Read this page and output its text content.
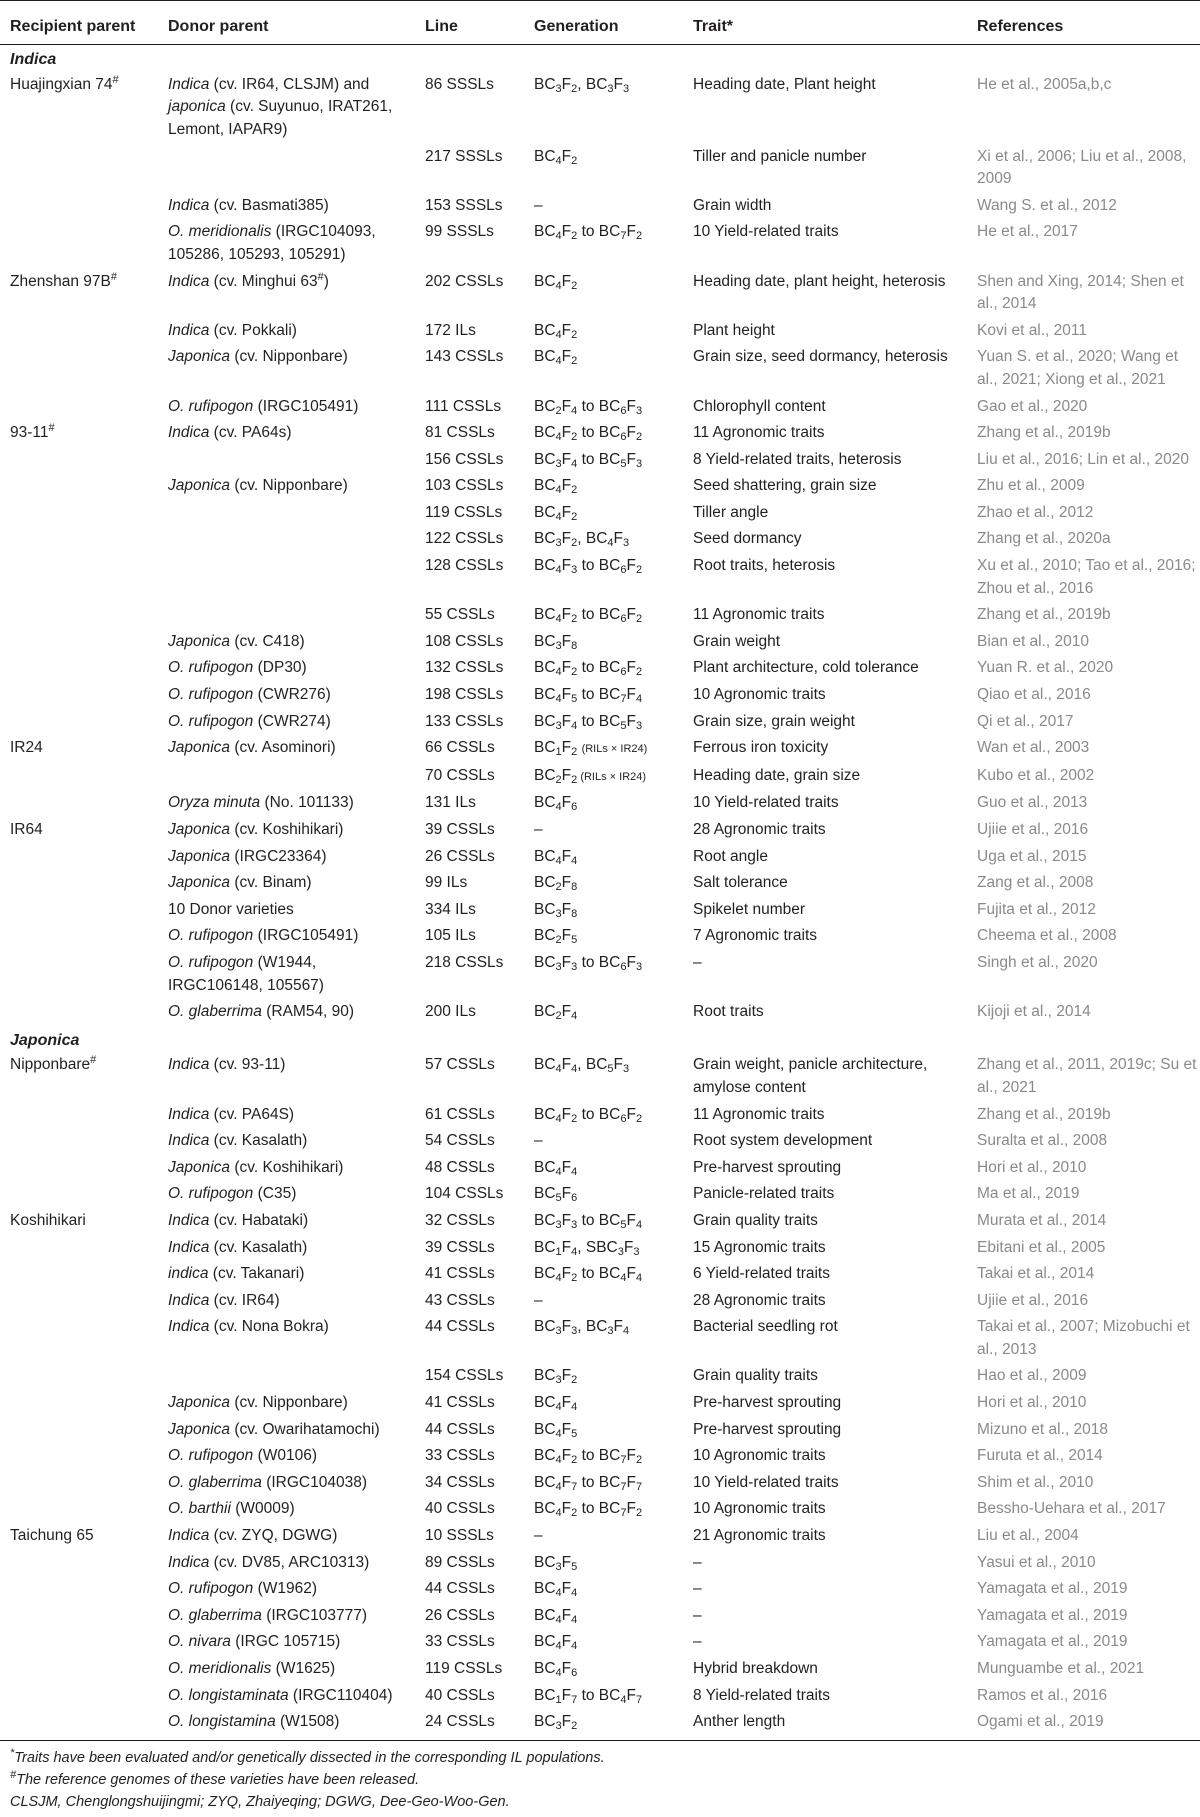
Recipient parent	Donor parent	Line	Generation	Trait*	References
Indica					
Huajingxian 74#	Indica (cv. IR64, CLSJM) and japonica (cv. Suyunuo, IRAT261, Lemont, IAPAR9)	86 SSSLs	$BC_3F_2$, $BC_3F_3$	Heading date, Plant height	He et al., 2005a,b,c
		217 SSSLs	$BC_4F_2$	Tiller and panicle number	Xi et al., 2006; Liu et al., 2008, 2009
	Indica (cv. Basmati385)	153 SSSLs	–	Grain width	Wang S. et al., 2012
	O. meridionalis (IRGC104093, 105286, 105293, 105291)	99 SSSLs	$BC_4F_2$ to $BC_7F_2$	10 Yield-related traits	He et al., 2017
Zhenshan 97B#	Indica (cv. Minghui 63#)	202 CSSLs	$BC_4F_2$	Heading date, plant height, heterosis	Shen and Xing, 2014; Shen et al., 2014
	Indica (cv. Pokkali)	172 ILs	$BC_4F_2$	Plant height	Kovi et al., 2011
	Japonica (cv. Nipponbare)	143 CSSLs	$BC_4F_2$	Grain size, seed dormancy, heterosis	Yuan S. et al., 2020; Wang et al., 2021; Xiong et al., 2021
	O. rufipogon (IRGC105491)	111 CSSLs	$BC_2F_4$ to $BC_6F_3$	Chlorophyll content	Gao et al., 2020
93-11#	Indica (cv. PA64s)	81 CSSLs	$BC_4F_2$ to $BC_6F_2$	11 Agronomic traits	Zhang et al., 2019b
		156 CSSLs	$BC_3F_4$ to $BC_5F_3$	8 Yield-related traits, heterosis	Liu et al., 2016; Lin et al., 2020
	Japonica (cv. Nipponbare)	103 CSSLs	$BC_4F_2$	Seed shattering, grain size	Zhu et al., 2009
		119 CSSLs	$BC_4F_2$	Tiller angle	Zhao et al., 2012
		122 CSSLs	$BC_3F_2$, $BC_4F_3$	Seed dormancy	Zhang et al., 2020a
		128 CSSLs	$BC_4F_3$ to $BC_6F_2$	Root traits, heterosis	Xu et al., 2010; Tao et al., 2016; Zhou et al., 2016
		55 CSSLs	$BC_4F_2$ to $BC_6F_2$	11 Agronomic traits	Zhang et al., 2019b
	Japonica (cv. C418)	108 CSSLs	$BC_3F_8$	Grain weight	Bian et al., 2010
	O. rufipogon (DP30)	132 CSSLs	$BC_4F_2$ to $BC_6F_2$	Plant architecture, cold tolerance	Yuan R. et al., 2020
	O. rufipogon (CWR276)	198 CSSLs	$BC_4F_5$ to $BC_7F_4$	10 Agronomic traits	Qiao et al., 2016
	O. rufipogon (CWR274)	133 CSSLs	$BC_3F_4$ to $BC_5F_3$	Grain size, grain weight	Qi et al., 2017
IR24	Japonica (cv. Asominori)	66 CSSLs	$BC_1F_2$ (RILs × IR24)	Ferrous iron toxicity	Wan et al., 2003
		70 CSSLs	$BC_2F_2$ (RILs × IR24)	Heading date, grain size	Kubo et al., 2002
	Oryza minuta (No. 101133)	131 ILs	$BC_4F_6$	10 Yield-related traits	Guo et al., 2013
IR64	Japonica (cv. Koshihikari)	39 CSSLs	–	28 Agronomic traits	Ujiie et al., 2016
	Japonica (IRGC23364)	26 CSSLs	$BC_4F_4$	Root angle	Uga et al., 2015
	Japonica (cv. Binam)	99 ILs	$BC_2F_8$	Salt tolerance	Zang et al., 2008
	10 Donor varieties	334 ILs	$BC_3F_8$	Spikelet number	Fujita et al., 2012
	O. rufipogon (IRGC105491)	105 ILs	$BC_2F_5$	7 Agronomic traits	Cheema et al., 2008
	O. rufipogon (W1944, IRGC106148, 105567)	218 CSSLs	$BC_3F_3$ to $BC_6F_3$	–	Singh et al., 2020
	O. glaberrima (RAM54, 90)	200 ILs	$BC_2F_4$	Root traits	Kijoji et al., 2014
Japonica					
Nipponbare#	Indica (cv. 93-11)	57 CSSLs	$BC_4F_4$, $BC_5F_3$	Grain weight, panicle architecture, amylose content	Zhang et al., 2011, 2019c; Su et al., 2021
	Indica (cv. PA64S)	61 CSSLs	$BC_4F_2$ to $BC_6F_2$	11 Agronomic traits	Zhang et al., 2019b
	Indica (cv. Kasalath)	54 CSSLs	–	Root system development	Suralta et al., 2008
	Japonica (cv. Koshihikari)	48 CSSLs	$BC_4F_4$	Pre-harvest sprouting	Hori et al., 2010
	O. rufipogon (C35)	104 CSSLs	$BC_5F_6$	Panicle-related traits	Ma et al., 2019
Koshihikari	Indica (cv. Habataki)	32 CSSLs	$BC_3F_3$ to $BC_5F_4$	Grain quality traits	Murata et al., 2014
	Indica (cv. Kasalath)	39 CSSLs	$BC_1F_4$, $SBC_3F_3$	15 Agronomic traits	Ebitani et al., 2005
	indica (cv. Takanari)	41 CSSLs	$BC_4F_2$ to $BC_4F_4$	6 Yield-related traits	Takai et al., 2014
	Indica (cv. IR64)	43 CSSLs	–	28 Agronomic traits	Ujiie et al., 2016
	Indica (cv. Nona Bokra)	44 CSSLs	$BC_3F_3$, $BC_3F_4$	Bacterial seedling rot	Takai et al., 2007; Mizobuchi et al., 2013
		154 CSSLs	$BC_3F_2$	Grain quality traits	Hao et al., 2009
	Japonica (cv. Nipponbare)	41 CSSLs	$BC_4F_4$	Pre-harvest sprouting	Hori et al., 2010
	Japonica (cv. Owarihatamochi)	44 CSSLs	$BC_4F_5$	Pre-harvest sprouting	Mizuno et al., 2018
	O. rufipogon (W0106)	33 CSSLs	$BC_4F_2$ to $BC_7F_2$	10 Agronomic traits	Furuta et al., 2014
	O. glaberrima (IRGC104038)	34 CSSLs	$BC_4F_7$ to $BC_7F_7$	10 Yield-related traits	Shim et al., 2010
	O. barthii (W0009)	40 CSSLs	$BC_4F_2$ to $BC_7F_2$	10 Agronomic traits	Bessho-Uehara et al., 2017
Taichung 65	Indica (cv. ZYQ, DGWG)	10 SSSLs	–	21 Agronomic traits	Liu et al., 2004
	Indica (cv. DV85, ARC10313)	89 CSSLs	$BC_3F_5$	–	Yasui et al., 2010
	O. rufipogon (W1962)	44 CSSLs	$BC_4F_4$	–	Yamagata et al., 2019
	O. glaberrima (IRGC103777)	26 CSSLs	$BC_4F_4$	–	Yamagata et al., 2019
	O. nivara (IRGC 105715)	33 CSSLs	$BC_4F_4$	–	Yamagata et al., 2019
	O. meridionalis (W1625)	119 CSSLs	$BC_4F_6$	Hybrid breakdown	Munguambe et al., 2021
	O. longistaminata (IRGC110404)	40 CSSLs	$BC_1F_7$ to $BC_4F_7$	8 Yield-related traits	Ramos et al., 2016
	O. longistamina (W1508)	24 CSSLs	$BC_3F_2$	Anther length	Ogami et al., 2019
*Traits have been evaluated and/or genetically dissected in the corresponding IL populations.
#The reference genomes of these varieties have been released.
CLSJM, Chenglongshuijingmi; ZYQ, Zhaiyeqing; DGWG, Dee-Geo-Woo-Gen.
